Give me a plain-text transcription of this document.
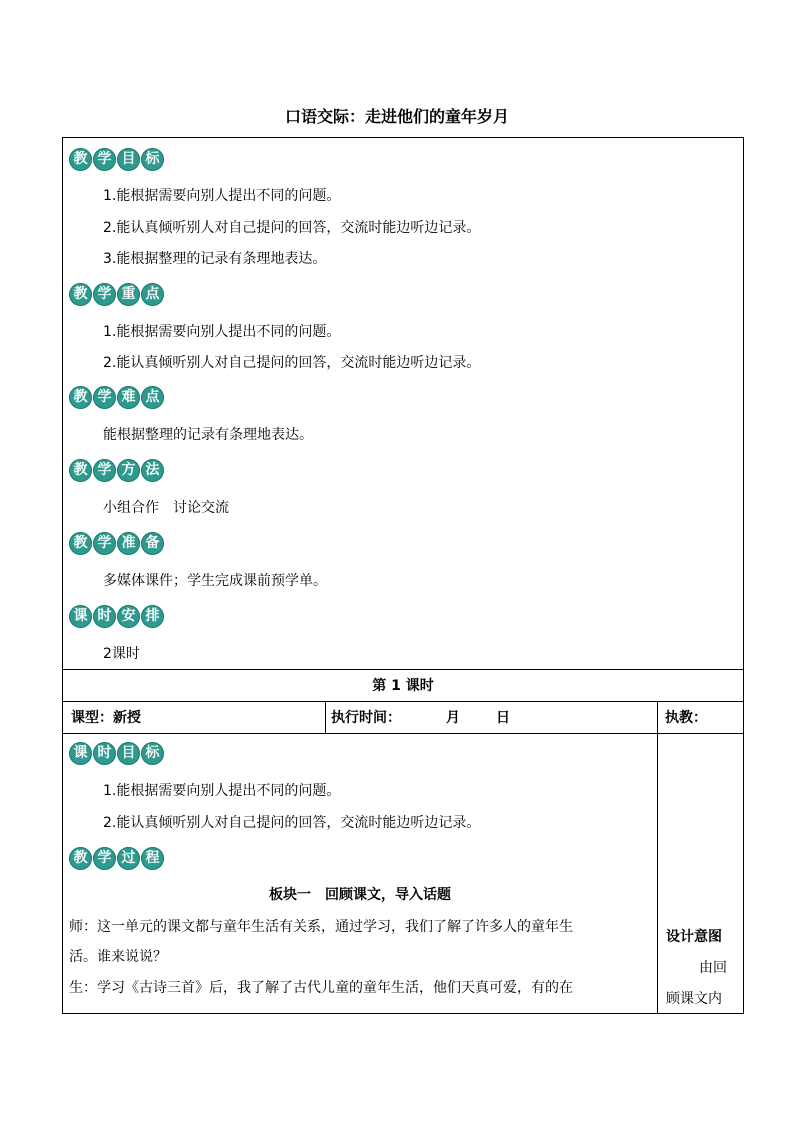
口语交际：走进他们的童年岁月
教 学 目 标
1.能根据需要向别人提出不同的问题。
2.能认真倾听别人对自己提问的回答，交流时能边听边记录。
3.能根据整理的记录有条理地表达。
教 学 重 点
1.能根据需要向别人提出不同的问题。
2.能认真倾听别人对自己提问的回答，交流时能边听边记录。
教 学 难 点
能根据整理的记录有条理地表达。
教 学 方 法
小组合作　讨论交流
教 学 准 备
多媒体课件；学生完成课前预学单。
课 时 安 排
2课时
第 1 课时
课型：新授	执行时间：	月	日	执教：
课 时 目 标
1.能根据需要向别人提出不同的问题。
2.能认真倾听别人对自己提问的回答，交流时能边听边记录。
教 学 过 程
板块一　回顾课文，导入话题
师：这一单元的课文都与童年生活有关系，通过学习，我们了解了许多人的童年生
活。谁来说说？
生：学习《古诗三首》后，我了解了古代儿童的童年生活，他们天真可爱，有的在
设计意图
由回
顾课文内
